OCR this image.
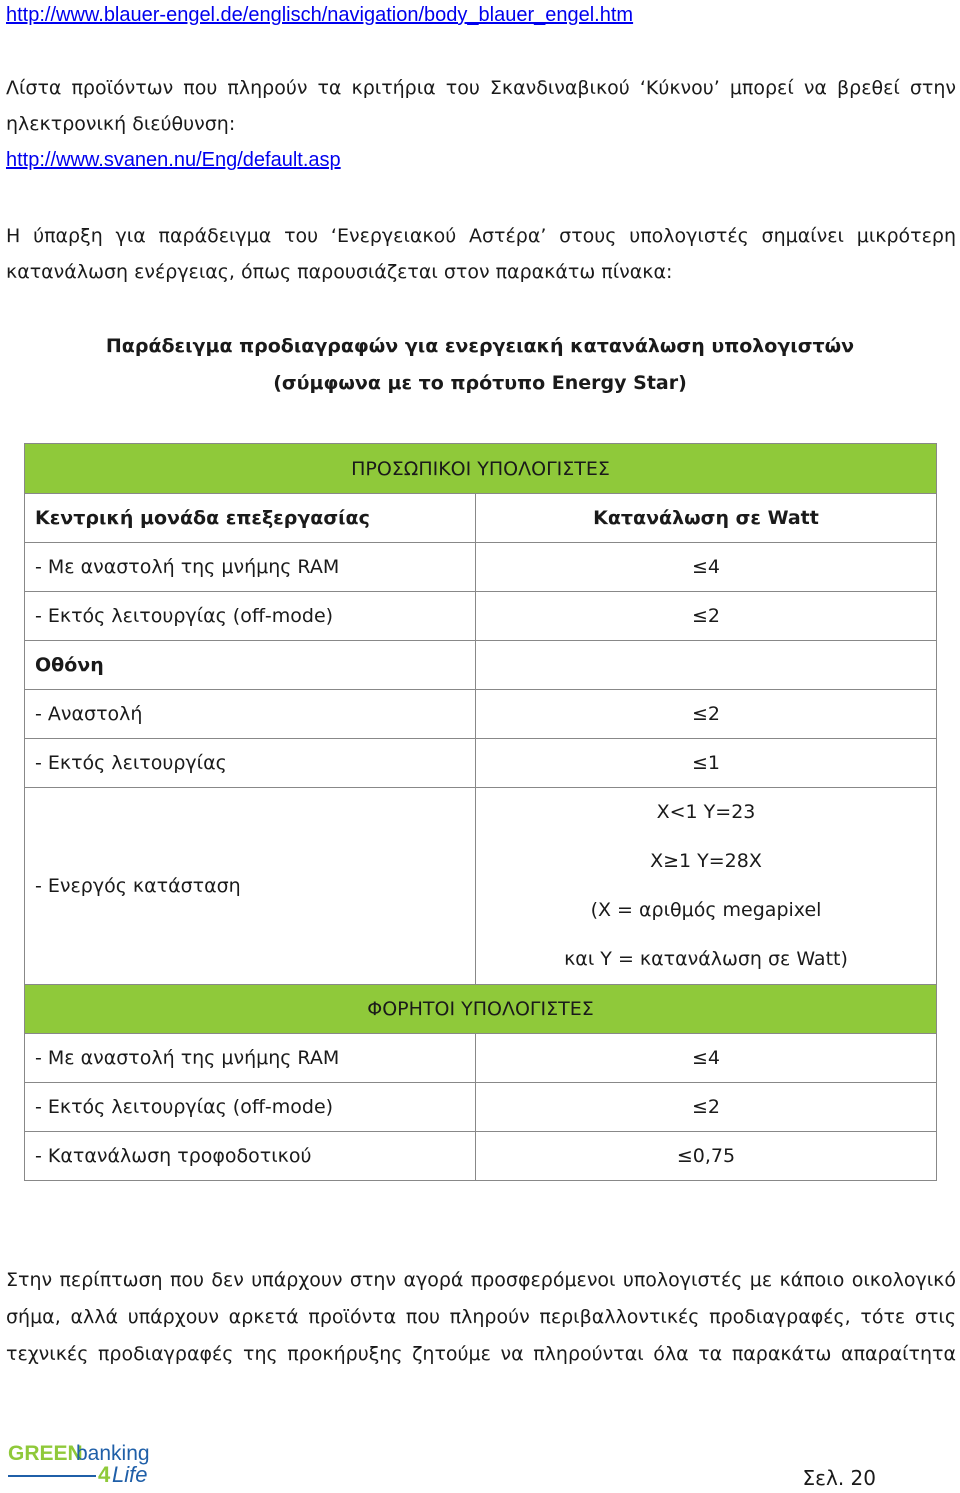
http://www.blauer-engel.de/englisch/navigation/body_blauer_engel.htm
Λίστα προϊόντων που πληρούν τα κριτήρια του Σκανδιναβικού ‘Κύκνου’ μπορεί να βρεθεί στην
ηλεκτρονική διεύθυνση:
http://www.svanen.nu/Eng/default.asp
Η ύπαρξη για παράδειγμα του ‘Ενεργειακού Αστέρα’ στους υπολογιστές σημαίνει μικρότερη
κατανάλωση ενέργειας, όπως παρουσιάζεται στον παρακάτω πίνακα:
Παράδειγμα προδιαγραφών για ενεργειακή κατανάλωση υπολογιστών
(σύμφωνα με το πρότυπο Energy Star)
ΠΡΟΣΩΠΙΚΟΙ ΥΠΟΛΟΓΙΣΤΕΣ	
Κεντρική μονάδα επεξεργασίας	Κατανάλωση σε Watt
- Με αναστολή της μνήμης RAM	≤4
- Εκτός λειτουργίας (off-mode)	≤2
Οθόνη	
- Αναστολή	≤2
- Εκτός λειτουργίας	≤1
- Ενεργός κατάσταση	X<1 Y=23
X≥1 Y=28X
(X = αριθμός megapixel
και Y = κατανάλωση σε Watt)

ΦΟΡΗΤΟΙ ΥΠΟΛΟΓΙΣΤΕΣ	
- Με αναστολή της μνήμης RAM	≤4
- Εκτός λειτουργίας (off-mode)	≤2
- Κατανάλωση τροφοδοτικού	≤0,75
Στην περίπτωση που δεν υπάρχουν στην αγορά προσφερόμενοι υπολογιστές με κάποιο οικολογικό
σήμα, αλλά υπάρχουν αρκετά προϊόντα που πληρούν περιβαλλοντικές προδιαγραφές, τότε στις
τεχνικές προδιαγραφές της προκήρυξης ζητούμε να πληρούνται όλα τα παρακάτω απαραίτητα
GREEN
banking
4 Life	Σελ. 20
